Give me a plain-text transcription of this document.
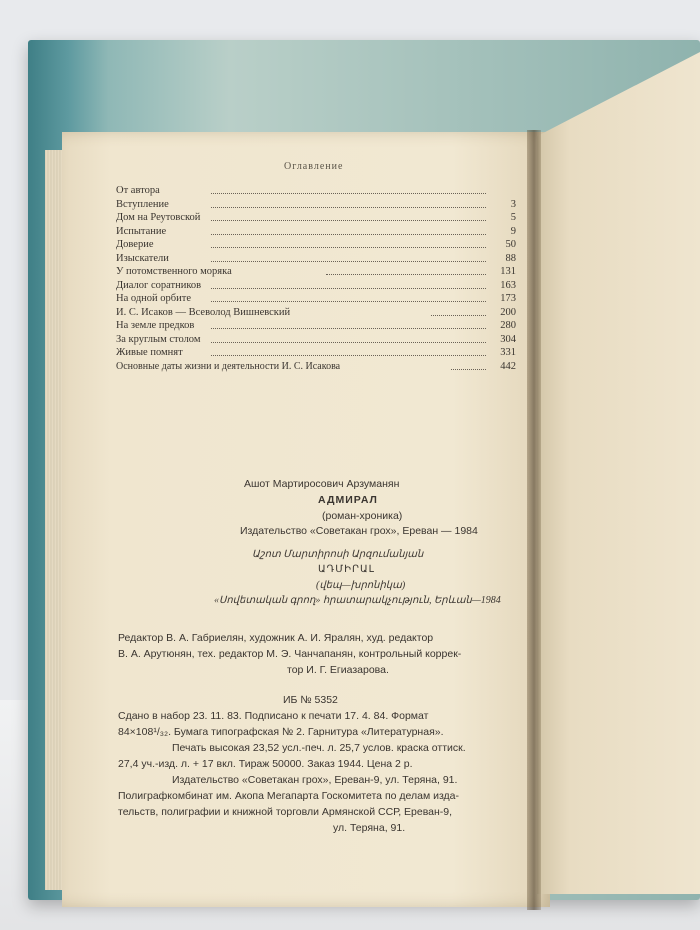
Оглавление
От автора
Вступление	3
Дом на Реутовской	5
Испытание	9
Доверие	50
Изыскатели	88
У потомственного моряка	131
Диалог соратников	163
На одной орбите	173
И. С. Исаков — Всеволод Вишневский	200
На земле предков	280
За круглым столом	304
Живые помнят	331
Основные даты жизни и деятельности И. С. Исакова	442
Ашот Мартиросович Арзуманян
АДМИРАЛ
(роман-хроника)
Издательство «Советакан грох», Ереван — 1984
Աշոտ Մարտիրոսի Արզումանյան
ԱԴՄԻՐԱԼ
(վեպ—խրոնիկա)
«Սովետական գրող» հրատարակչություն, Երևան—1984
Редактор В. А. Габриелян, художник А. И. Яралян, худ. редактор
В. А. Арутюнян, тех. редактор М. Э. Чанчапанян, контрольный коррек-
тор И. Г. Егиазарова.
ИБ № 5352
Сдано в набор 23. 11. 83. Подписано к печати 17. 4. 84. Формат
84×108¹/₃₂. Бумага типографская № 2. Гарнитура «Литературная».
Печать высокая 23,52 усл.-печ. л. 25,7 услов. краска оттиск.
27,4 уч.-изд. л. + 17 вкл. Тираж 50000. Заказ 1944. Цена 2 р.
Издательство «Советакан грох», Ереван-9, ул. Теряна, 91.
Полиграфкомбинат им. Акопа Мегапарта Госкомитета по делам изда-
тельств, полиграфии и книжной торговли Армянской ССР, Ереван-9,
ул. Теряна, 91.
